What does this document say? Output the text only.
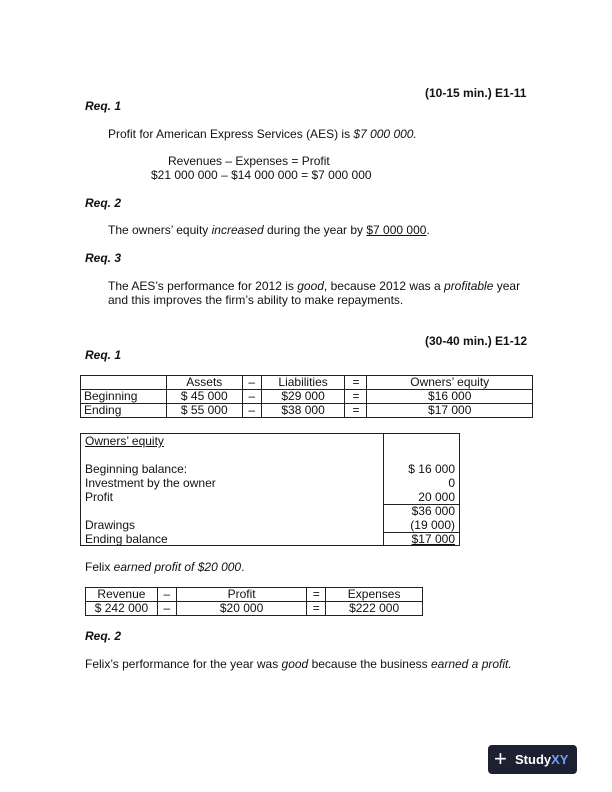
(10-15 min.) E1-11
Req. 1
Profit for American Express Services (AES) is $7 000 000.
Revenues – Expenses = Profit
$21 000 000 – $14 000 000 = $7 000 000
Req. 2
The owners’ equity increased during the year by $7 000 000.
Req. 3
The AES’s performance for 2012 is good, because 2012 was a profitable year
and this improves the firm’s ability to make repayments.
(30-40 min.) E1-12
Req. 1
	Assets	–	Liabilities	=	Owners’ equity
Beginning	$ 45 000	–	$29 000	=	$16 000
Ending	$ 55 000	–	$38 000	=	$17 000
Owners’ equity
Beginning balance:	$ 16 000
Investment by the owner	0
Profit	20 000
$36 000
Drawings	(19 000)
Ending balance	$17 000
Felix earned profit of $20 000.
Revenue	–	Profit	=	Expenses
$ 242 000	–	$20 000	=	$222 000
Req. 2
Felix’s performance for the year was good because the business earned a profit.
+ StudyXY
